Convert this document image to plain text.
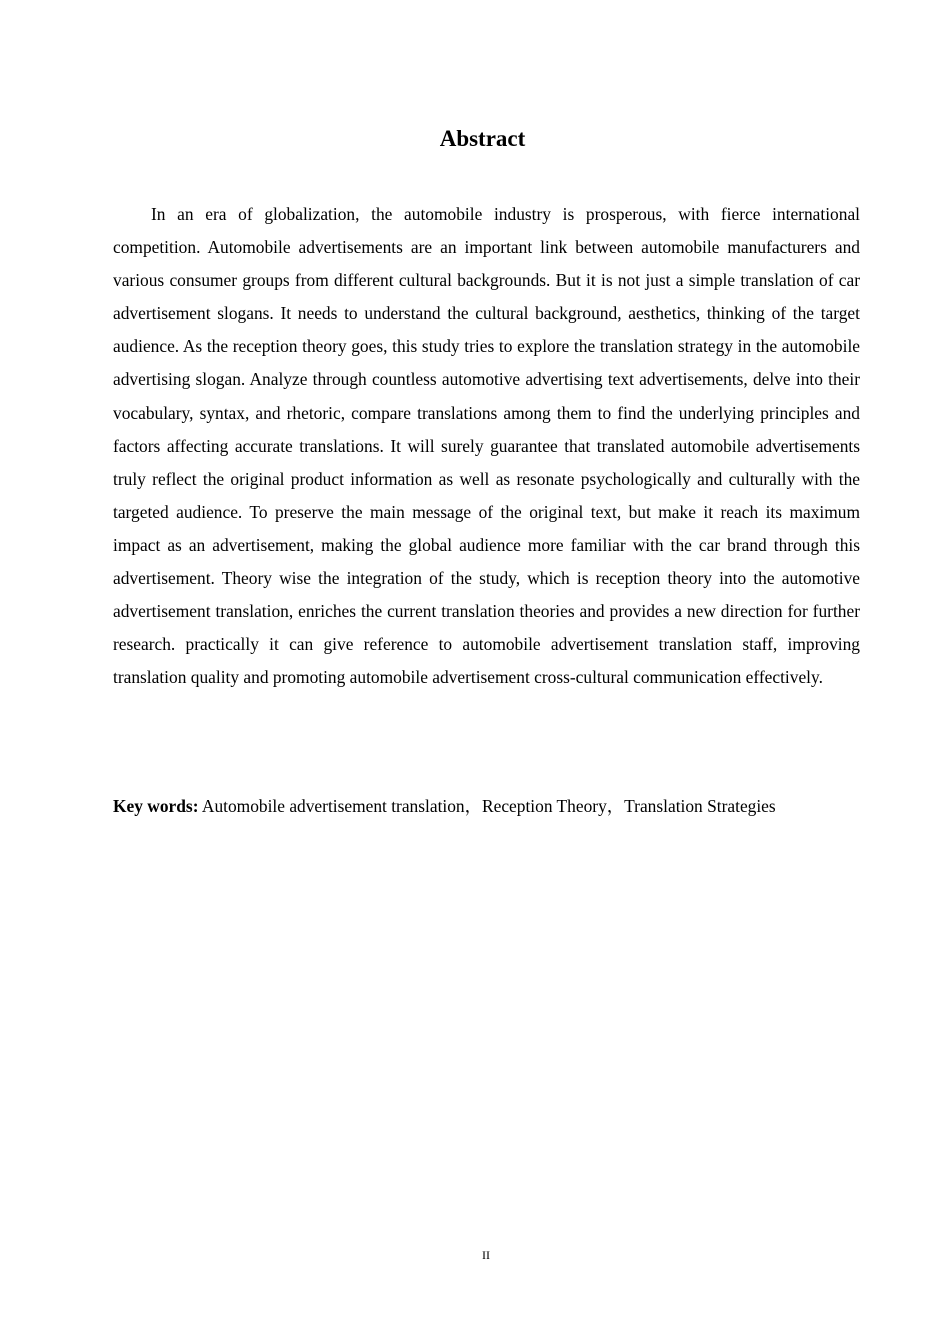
Abstract

In an era of globalization, the automobile industry is prosperous, with fierce international competition. Automobile advertisements are an important link between automobile manufacturers and various consumer groups from different cultural backgrounds. But it is not just a simple translation of car advertisement slogans. It needs to understand the cultural background, aesthetics, thinking of the target audience. As the reception theory goes, this study tries to explore the translation strategy in the automobile advertising slogan. Analyze through countless automotive advertising text advertisements, delve into their vocabulary, syntax, and rhetoric, compare translations among them to find the underlying principles and factors affecting accurate translations. It will surely guarantee that translated automobile advertisements truly reflect the original product information as well as resonate psychologically and culturally with the targeted audience. To preserve the main message of the original text, but make it reach its maximum impact as an advertisement, making the global audience more familiar with the car brand through this advertisement. Theory wise the integration of the study, which is reception theory into the automotive advertisement translation, enriches the current translation theories and provides a new direction for further research. practically it can give reference to automobile advertisement translation staff, improving translation quality and promoting automobile advertisement cross-cultural communication effectively.

Key words: Automobile advertisement translation，Reception Theory，Translation Strategies

II
